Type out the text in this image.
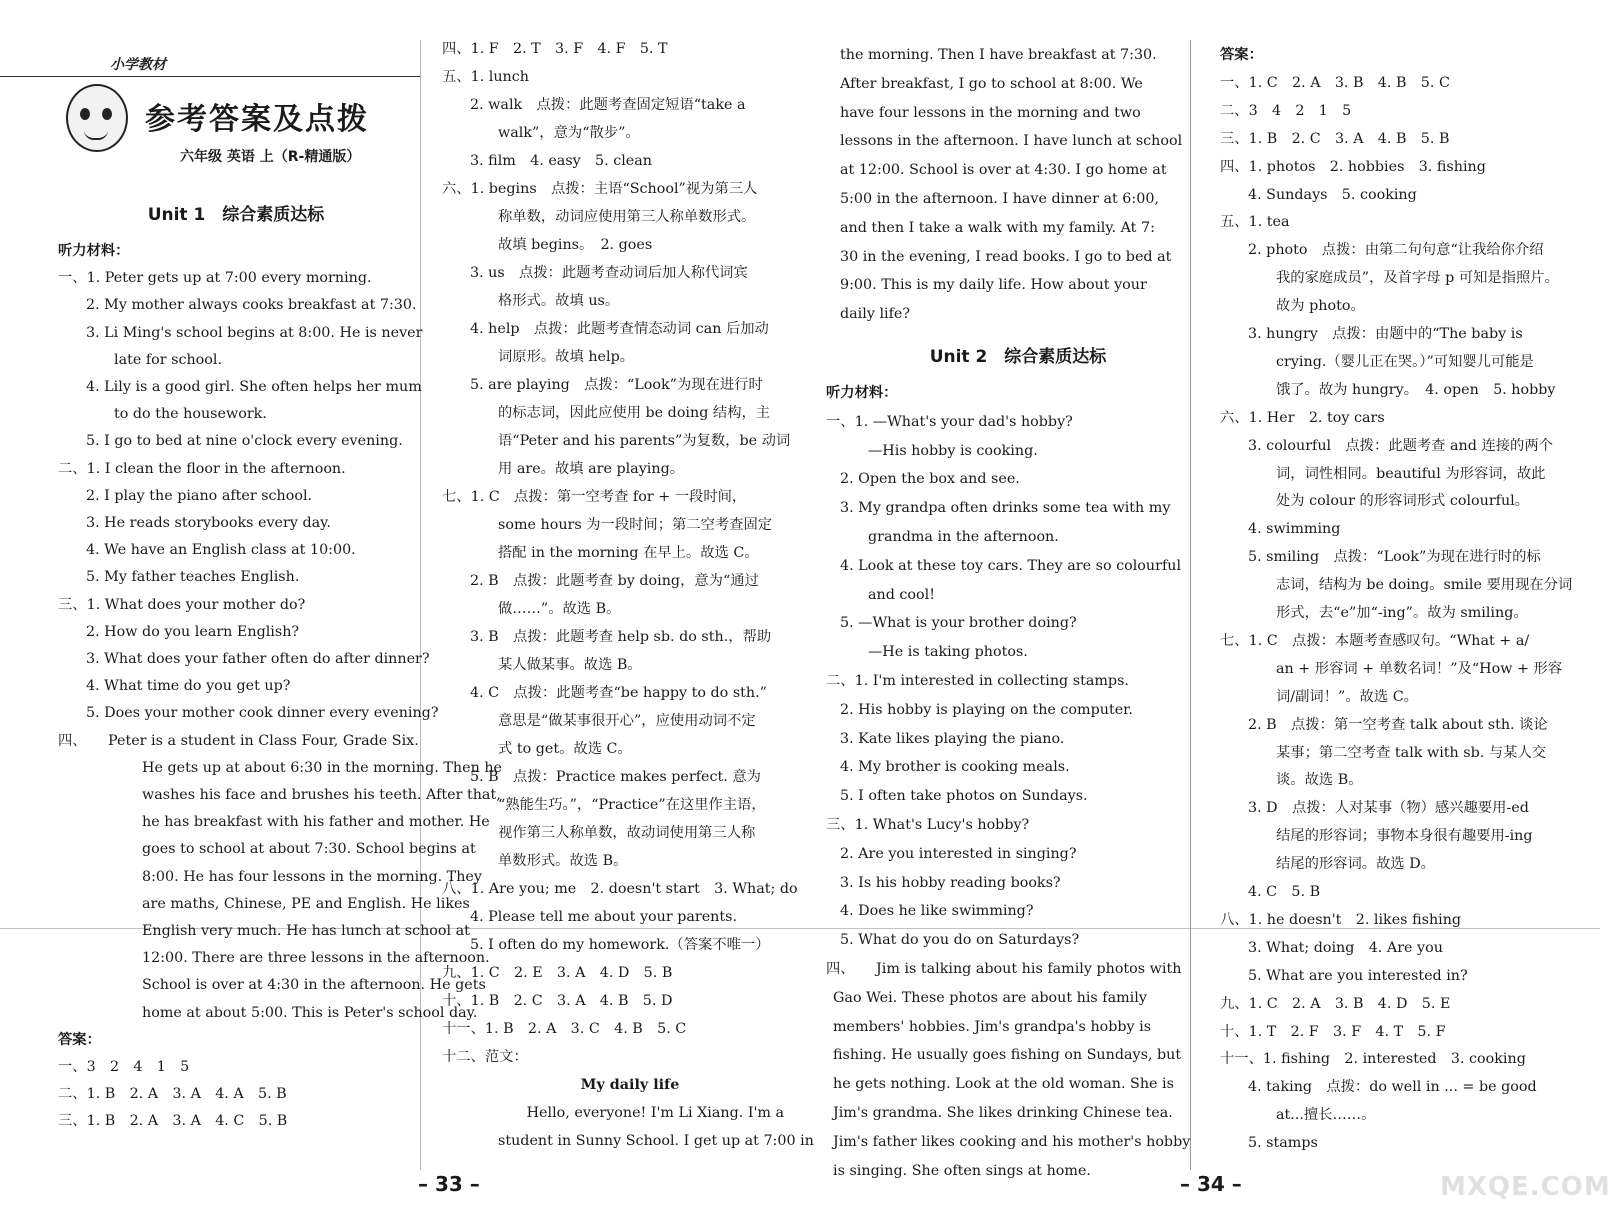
小学教材
参考答案及点拨
六年级 英语 上（R-精通版）
Unit 1　综合素质达标
听力材料：
一、1. Peter gets up at 7:00 every morning.
2. My mother always cooks breakfast at 7:30.
3. Li Ming's school begins at 8:00. He is never
late for school.
4. Lily is a good girl. She often helps her mum
to do the housework.
5. I go to bed at nine o'clock every evening.
二、1. I clean the floor in the afternoon.
2. I play the piano after school.
3. He reads storybooks every day.
4. We have an English class at 10:00.
5. My father teaches English.
三、1. What does your mother do?
2. How do you learn English?
3. What does your father often do after dinner?
4. What time do you get up?
5. Does your mother cook dinner every evening?
四、　　Peter is a student in Class Four, Grade Six.
He gets up at about 6:30 in the morning. Then he
washes his face and brushes his teeth. After that,
he has breakfast with his father and mother. He
goes to school at about 7:30. School begins at
8:00. He has four lessons in the morning. They
are maths, Chinese, PE and English. He likes
English very much. He has lunch at school at
12:00. There are three lessons in the afternoon.
School is over at 4:30 in the afternoon. He gets
home at about 5:00. This is Peter's school day.
答案：
一、3　2　4　1　5
二、1. B　2. A　3. A　4. A　5. B
三、1. B　2. A　3. A　4. C　5. B
四、1. F　2. T　3. F　4. F　5. T
五、1. lunch
2. walk　点拨：此题考查固定短语“take a
walk”，意为“散步”。
3. film　4. easy　5. clean
六、1. begins　点拨：主语“School”视为第三人
称单数，动词应使用第三人称单数形式。
故填 begins。　2. goes
3. us　点拨：此题考查动词后加人称代词宾
格形式。故填 us。
4. help　点拨：此题考查情态动词 can 后加动
词原形。故填 help。
5. are playing　点拨：“Look”为现在进行时
的标志词，因此应使用 be doing 结构，主
语“Peter and his parents”为复数，be 动词
用 are。故填 are playing。
七、1. C　点拨：第一空考查 for + 一段时间，
some hours 为一段时间；第二空考查固定
搭配 in the morning 在早上。故选 C。
2. B　点拨：此题考查 by doing，意为“通过
做……”。故选 B。
3. B　点拨：此题考查 help sb. do sth.，帮助
某人做某事。故选 B。
4. C　点拨：此题考查“be happy to do sth.”
意思是“做某事很开心”，应使用动词不定
式 to get。故选 C。
5. B　点拨：Practice makes perfect. 意为
“熟能生巧。”，“Practice”在这里作主语，
视作第三人称单数，故动词使用第三人称
单数形式。故选 B。
八、1. Are you; me　2. doesn't start　3. What; do
4. Please tell me about your parents.
5. I often do my homework.（答案不唯一）
九、1. C　2. E　3. A　4. D　5. B
十、1. B　2. C　3. A　4. B　5. D
十一、1. B　2. A　3. C　4. B　5. C
十二、范文：
My daily life
　　Hello, everyone! I'm Li Xiang. I'm a
student in Sunny School. I get up at 7:00 in
the morning. Then I have breakfast at 7:30.
After breakfast, I go to school at 8:00. We
have four lessons in the morning and two
lessons in the afternoon. I have lunch at school
at 12:00. School is over at 4:30. I go home at
5:00 in the afternoon. I have dinner at 6:00,
and then I take a walk with my family. At 7:
30 in the evening, I read books. I go to bed at
9:00. This is my daily life. How about your
daily life?
Unit 2　综合素质达标
听力材料：
一、1. —What's your dad's hobby?
—His hobby is cooking.
2. Open the box and see.
3. My grandpa often drinks some tea with my
grandma in the afternoon.
4. Look at these toy cars. They are so colourful
and cool!
5. —What is your brother doing?
—He is taking photos.
二、1. I'm interested in collecting stamps.
2. His hobby is playing on the computer.
3. Kate likes playing the piano.
4. My brother is cooking meals.
5. I often take photos on Sundays.
三、1. What's Lucy's hobby?
2. Are you interested in singing?
3. Is his hobby reading books?
4. Does he like swimming?
5. What do you do on Saturdays?
四、　　Jim is talking about his family photos with
Gao Wei. These photos are about his family
members' hobbies. Jim's grandpa's hobby is
fishing. He usually goes fishing on Sundays, but
he gets nothing. Look at the old woman. She is
Jim's grandma. She likes drinking Chinese tea.
Jim's father likes cooking and his mother's hobby
is singing. She often sings at home.
答案：
一、1. C　2. A　3. B　4. B　5. C
二、3　4　2　1　5
三、1. B　2. C　3. A　4. B　5. B
四、1. photos　2. hobbies　3. fishing
4. Sundays　5. cooking
五、1. tea
2. photo　点拨：由第二句句意“让我给你介绍
我的家庭成员”，及首字母 p 可知是指照片。
故为 photo。
3. hungry　点拨：由题中的“The baby is
crying.（婴儿正在哭。）”可知婴儿可能是
饿了。故为 hungry。　4. open　5. hobby
六、1. Her　2. toy cars
3. colourful　点拨：此题考查 and 连接的两个
词，词性相同。beautiful 为形容词，故此
处为 colour 的形容词形式 colourful。
4. swimming
5. smiling　点拨：“Look”为现在进行时的标
志词，结构为 be doing。smile 要用现在分词
形式，去“e”加“-ing”。故为 smiling。
七、1. C　点拨：本题考查感叹句。“What + a/
an + 形容词 + 单数名词！”及“How + 形容
词/副词！”。故选 C。
2. B　点拨：第一空考查 talk about sth. 谈论
某事；第二空考查 talk with sb. 与某人交
谈。故选 B。
3. D　点拨：人对某事（物）感兴趣要用-ed
结尾的形容词；事物本身很有趣要用-ing
结尾的形容词。故选 D。
4. C　5. B
八、1. he doesn't　2. likes fishing
3. What; doing　4. Are you
5. What are you interested in?
九、1. C　2. A　3. B　4. D　5. E
十、1. T　2. F　3. F　4. T　5. F
十一、1. fishing　2. interested　3. cooking
4. taking　点拨：do well in ... = be good
at...擅长……。
5. stamps
– 33 –	– 34 –	MXQE.COM
